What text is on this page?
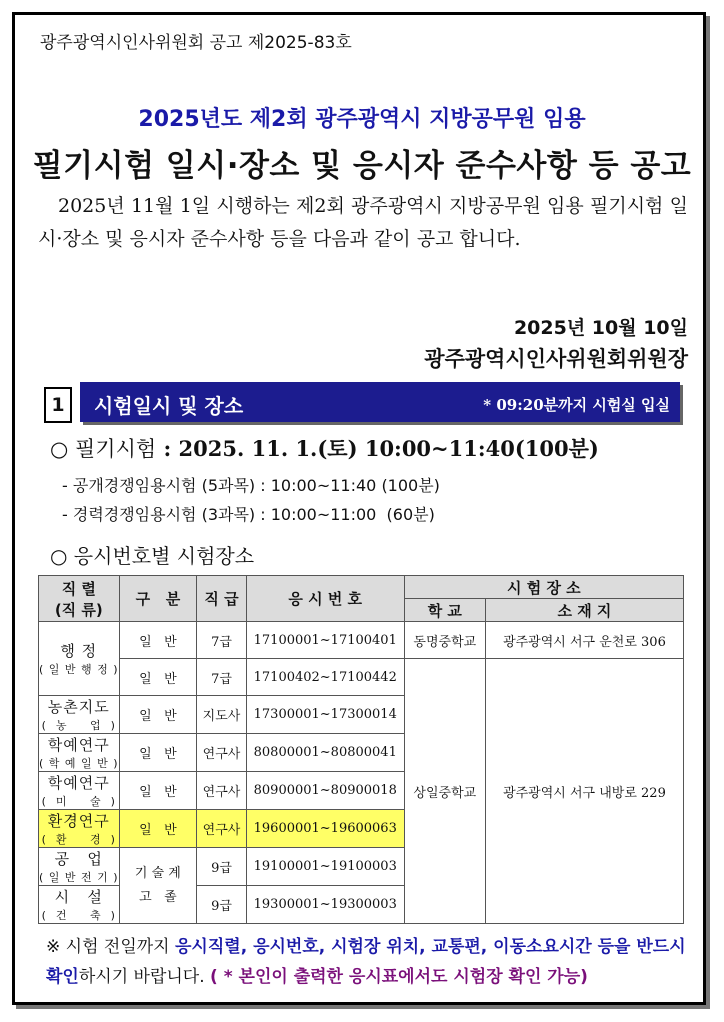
광주광역시인사위원회 공고 제2025-83호
2025년도 제2회 광주광역시 지방공무원 임용
필기시험 일시·장소 및 응시자 준수사항 등 공고
2025년 11월 1일 시행하는 제2회 광주광역시 지방공무원 임용 필기시험 일시·장소 및 응시자 준수사항 등을 다음과 같이 공고 합니다.
2025년 10월 10일
광주광역시인사위원회위원장
1	시험일시 및 장소	* 09:20분까지 시험실 입실
○ 필기시험 : 2025. 11. 1.(토) 10:00~11:40(100분)
- 공개경쟁임용시험 (5과목) : 10:00~11:40 (100분)
- 경력경쟁임용시험 (3과목) : 10:00~11:00  (60분)
○ 응시번호별 시험장소
직 렬
(직 류)	구   분	직 급	응 시 번 호	시 험 장 소	
				학 교	소 재 지

행 정
( 일 반 행 정 )	일   반	7급	17100001~17100401	동명중학교	광주광역시 서구 운천로 306
	일   반	7급	17100402~17100442	상일중학교	광주광역시 서구 내방로 229

농촌지도
(  농     업  )	일   반	지도사	17300001~17300014		

학예연구
( 학 예 일 반 )	일   반	연구사	80800001~80800041		

학예연구
(  미     술  )	일   반	연구사	80900001~80900018		

환경연구
(  환     경  )	일   반	연구사	19600001~19600063		

공   업
( 일 반 전 기 )	기 술 계
고   졸	9급	19100001~19100003		

시   설
(  건     축  )		9급	19300001~19300003		
※ 시험 전일까지 응시직렬, 응시번호, 시험장 위치, 교통편, 이동소요시간 등을 반드시 확인하시기 바랍니다. ( * 본인이 출력한 응시표에서도 시험장 확인 가능)
